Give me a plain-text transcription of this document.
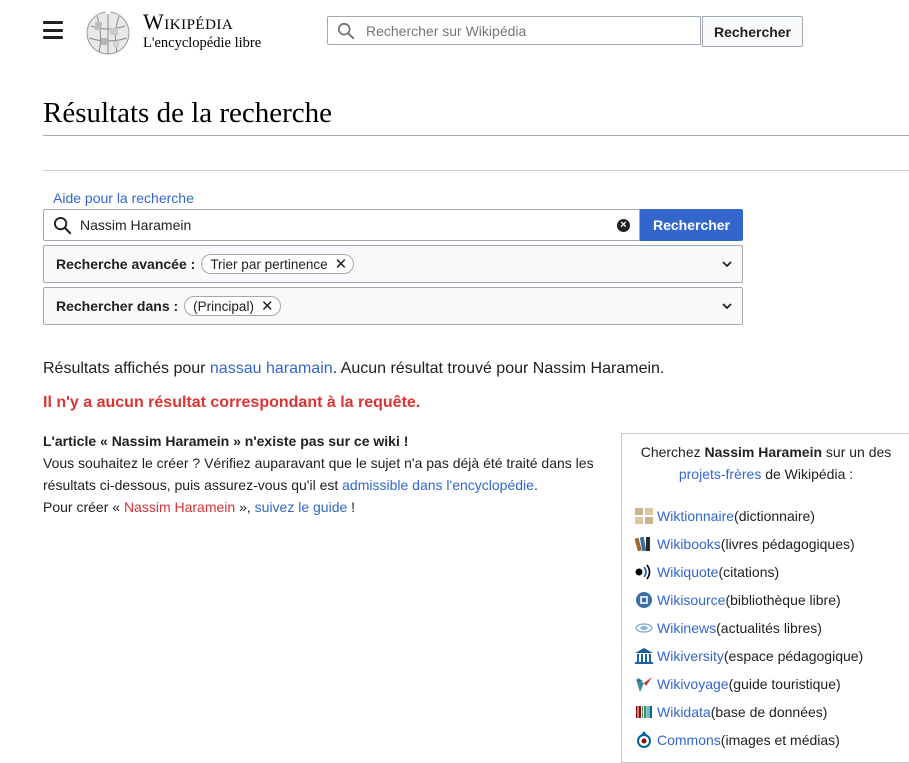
Wikipédia
L'encyclopédie libre
Rechercher sur Wikipédia
Rechercher
Résultats de la recherche
Aide pour la recherche
Nassim Haramein
×	Rechercher
Recherche avancée : Trier par pertinence ✕
Rechercher dans : (Principal) ✕
Résultats affichés pour nassau haramain. Aucun résultat trouvé pour Nassim Haramein.
Il n'y a aucun résultat correspondant à la requête.
L'article « Nassim Haramein » n'existe pas sur ce wiki !
Vous souhaitez le créer ? Vérifiez auparavant que le sujet n'a pas déjà été traité dans les résultats ci-dessous, puis assurez-vous qu'il est admissible dans l'encyclopédie.
Pour créer « Nassim Haramein », suivez le guide !
Cherchez Nassim Haramein sur un des
projets-frères de Wikipédia :
Wiktionnaire (dictionnaire)
Wikibooks (livres pédagogiques)
Wikiquote (citations)
Wikisource (bibliothèque libre)
Wikinews (actualités libres)
Wikiversity (espace pédagogique)
Wikivoyage (guide touristique)
Wikidata (base de données)
Commons (images et médias)
